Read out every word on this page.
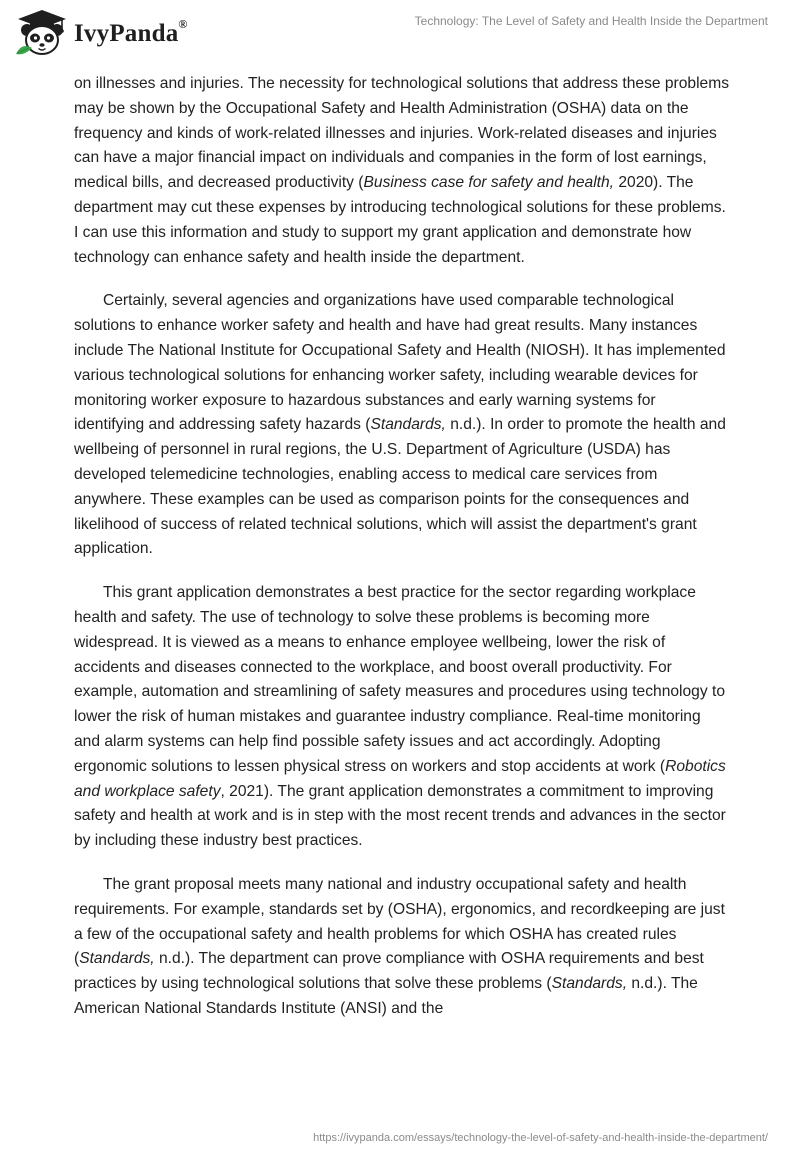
IvyPanda®	Technology: The Level of Safety and Health Inside the Department

on illnesses and injuries. The necessity for technological solutions that address these problems may be shown by the Occupational Safety and Health Administration (OSHA) data on the frequency and kinds of work-related illnesses and injuries. Work-related diseases and injuries can have a major financial impact on individuals and companies in the form of lost earnings, medical bills, and decreased productivity (Business case for safety and health, 2020). The department may cut these expenses by introducing technological solutions for these problems. I can use this information and study to support my grant application and demonstrate how technology can enhance safety and health inside the department.

Certainly, several agencies and organizations have used comparable technological solutions to enhance worker safety and health and have had great results. Many instances include The National Institute for Occupational Safety and Health (NIOSH). It has implemented various technological solutions for enhancing worker safety, including wearable devices for monitoring worker exposure to hazardous substances and early warning systems for identifying and addressing safety hazards (Standards, n.d.). In order to promote the health and wellbeing of personnel in rural regions, the U.S. Department of Agriculture (USDA) has developed telemedicine technologies, enabling access to medical care services from anywhere. These examples can be used as comparison points for the consequences and likelihood of success of related technical solutions, which will assist the department's grant application.

This grant application demonstrates a best practice for the sector regarding workplace health and safety. The use of technology to solve these problems is becoming more widespread. It is viewed as a means to enhance employee wellbeing, lower the risk of accidents and diseases connected to the workplace, and boost overall productivity. For example, automation and streamlining of safety measures and procedures using technology to lower the risk of human mistakes and guarantee industry compliance. Real-time monitoring and alarm systems can help find possible safety issues and act accordingly. Adopting ergonomic solutions to lessen physical stress on workers and stop accidents at work (Robotics and workplace safety, 2021). The grant application demonstrates a commitment to improving safety and health at work and is in step with the most recent trends and advances in the sector by including these industry best practices.

The grant proposal meets many national and industry occupational safety and health requirements. For example, standards set by (OSHA), ergonomics, and recordkeeping are just a few of the occupational safety and health problems for which OSHA has created rules (Standards, n.d.). The department can prove compliance with OSHA requirements and best practices by using technological solutions that solve these problems (Standards, n.d.). The American National Standards Institute (ANSI) and the

https://ivypanda.com/essays/technology-the-level-of-safety-and-health-inside-the-department/
